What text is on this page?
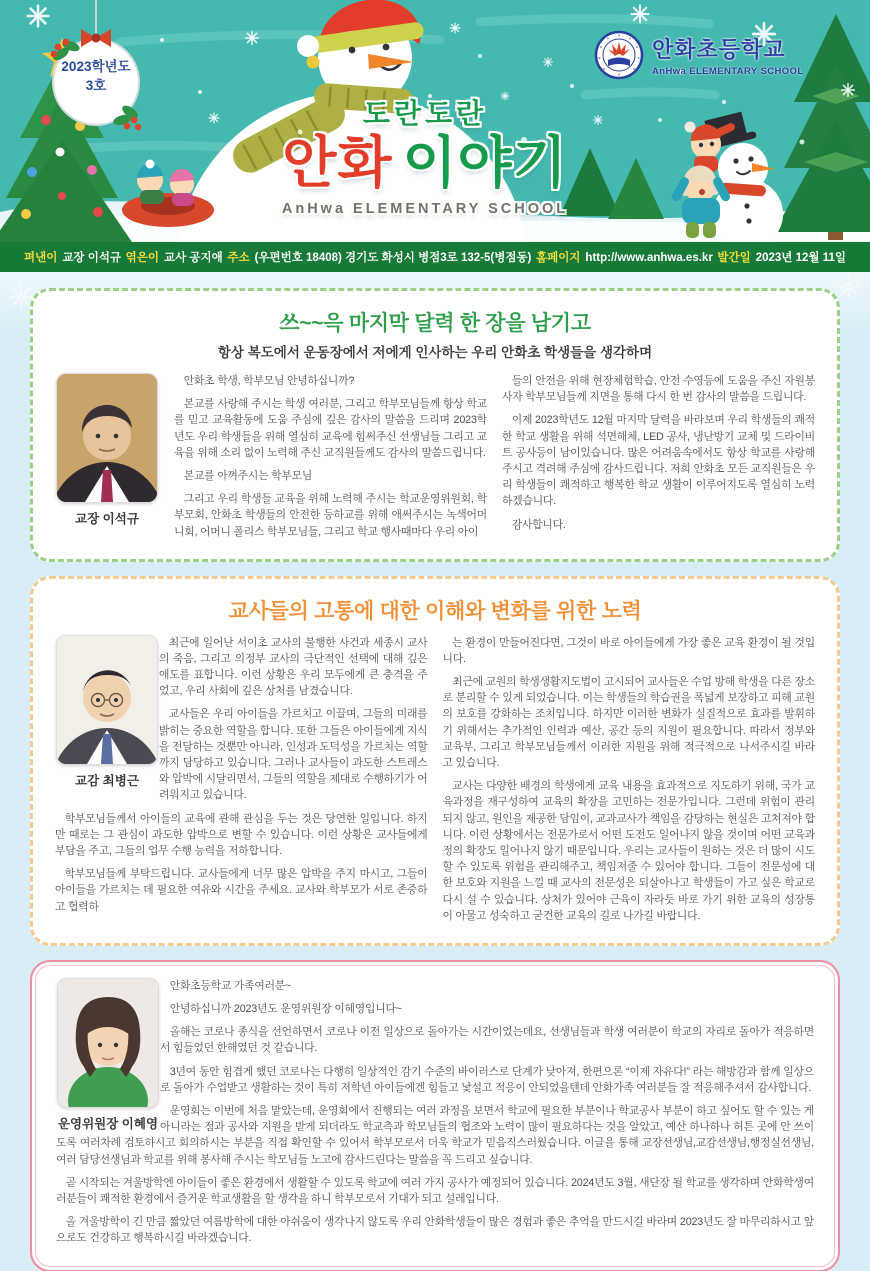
2023학년도
3호
도란도란
안화 이야기
AnHwa ELEMENTARY SCHOOL
안화초등학교
AnHwa ELEMENTARY SCHOOL
펴낸이 교장 이석규 엮은이 교사 공지애 주소 (우편번호 18408) 경기도 화성시 병점3로 132-5(병점동) 홈페이지 http://www.anhwa.es.kr 발간일 2023년 12월 11일
쓰~~윽 마지막 달력 한 장을 남기고
항상 복도에서 운동장에서 저에게 인사하는 우리 안화초 학생들을 생각하며
교장 이석규

안화초 학생, 학부모님 안녕하십니까?

본교를 사랑해 주시는 학생 여러분, 그리고 학부모님들께 항상 학교를 믿고 교육활동에 도움 주심에 깊은 감사의 말씀을 드리며 2023학년도 우리 학생들을 위해 열심히 교육에 힘써주신 선생님들 그리고 교육을 위해 소리 없이 노력해 주신 교직원들께도 감사의 말씀드립니다.

본교를 아껴주시는 학부모님

그리고 우리 학생들 교육을 위해 노력해 주시는 학교운영위원회, 학부모회, 안화초 학생들의 안전한 등하교를 위해 애써주시는 녹색어머니회, 어머니 폴리스 학부모님들, 그리고 학교 행사때마다 우리 아이

들의 안전을 위해 현장체험학습, 안전 수영등에 도움을 주신 자원봉사자 학부모님들께 지면을 통해 다시 한 번 감사의 말씀을 드립니다.

이제 2023학년도 12월 마지막 달력을 바라보며 우리 학생들의 쾌적한 학교 생활을 위해 석면해체, LED 공사, 냉난방기 교체 및 드라이비트 공사등이 남이있습니다. 많은 어려움속에서도 항상 학교를 사랑해 주시고 격려해 주심에 감사드립니다. 저희 안화초 모든 교직원들은 우리 학생들이 쾌적하고 행복한 학교 생활이 이루어지도록 열심히 노력하겠습니다.

감사합니다.

교사들의 고통에 대한 이해와 변화를 위한 노력
교감 최병근

최근에 일어난 서이초 교사의 불행한 사건과 세종시 교사의 죽음, 그리고 의정부 교사의 극단적인 선택에 대해 깊은 애도를 표합니다. 이런 상황은 우리 모두에게 큰 충격을 주었고, 우리 사회에 깊은 상처를 남겼습니다.

교사들은 우리 아이들을 가르치고 이끌며, 그들의 미래를 밝히는 중요한 역할을 합니다. 또한 그들은 아이들에게 지식을 전달하는 것뿐만 아니라, 인성과 도덕성을 가르치는 역할까지 담당하고 있습니다. 그러나 교사들이 과도한 스트레스와 압박에 시달리면서, 그들의 역할을 제대로 수행하기가 어려워지고 있습니다.

학부모님들께서 아이들의 교육에 관해 관심을 두는 것은 당연한 일입니다. 하지만 때로는 그 관심이 과도한 압박으로 변할 수 있습니다. 이런 상황은 교사들에게 부담을 주고, 그들의 업무 수행 능력을 저하합니다.

학부모님들께 부탁드립니다. 교사들에게 너무 많은 압박을 주지 마시고, 그들이 아이들을 가르치는 데 필요한 여유와 시간을 주세요. 교사와 학부모가 서로 존중하고 협력하

는 환경이 만들어진다면, 그것이 바로 아이들에게 가장 좋은 교육 환경이 될 것입니다.

최근에 교원의 학생생활지도법이 고시되어 교사들은 수업 방해 학생을 다른 장소로 분리할 수 있게 되었습니다. 이는 학생들의 학습권을 폭넓게 보장하고 피해 교원의 보호를 강화하는 조치입니다. 하지만 이러한 변화가 실질적으로 효과를 발휘하기 위해서는 추가적인 인력과 예산, 공간 등의 지원이 필요합니다. 따라서 정부와 교육부, 그리고 학부모님들께서 이러한 지원을 위해 적극적으로 나서주시길 바라고 있습니다.

교사는 다양한 배경의 학생에게 교육 내용을 효과적으로 지도하기 위해, 국가 교육과정을 재구성하여 교육의 확장을 고민하는 전문가입니다. 그런데 위험이 관리되지 않고, 원인을 제공한 담임이, 교과교사가 책임을 감당하는 현실은 고쳐져야 합니다. 이런 상황에서는 전문가로서 어떤 도전도 일어나지 않을 것이며 어떤 교육과정의 확장도 일어나지 않기 때문입니다. 우리는 교사들이 원하는 것은 더 많이 시도할 수 있도록 위험을 관리해주고, 책임져줄 수 있어야 합니다. 그들이 전문성에 대한 보호와 지원을 느낄 때 교사의 전문성은 되살아나고 학생들이 가고 싶은 학교로 다시 설 수 있습니다. 상처가 있어야 근육이 자라듯 바로 가기 위한 교육의 성장통이 아물고 성숙하고 굳건한 교육의 길로 나가길 바랍니다.

운영위원장 이혜영

안화초등학교 가족여러분~

안녕하십니까 2023년도 운영위원장 이혜영입니다~

올해는 코로나 종식을 선언하면서 코로나 이전 일상으로 돌아가는 시간이었는데요, 선생님들과 학생 여러분이 학교의 자리로 돌아가 적응하면서 힘들었던 한해였던 것 같습니다.

3년여 동안 힘겹게 했던 코로나는 다행히 일상적인 감기 수준의 바이러스로 단계가 낮아져, 한편으론 “이제 자유다!” 라는 해방감과 함께 일상으로 돌아가 수업받고 생활하는 것이 특히 저학년 아이들에겐 힘들고 낯설고 적응이 안되었을텐데 안화가족 여러분들 잘 적응해주셔서 감사합니다.

운영회는 이번에 처음 맡았는데, 운영회에서 진행되는 여러 과정을 보면서 학교에 필요한 부분이나 학교공사 부분이 하고 싶어도 할 수 있는 게 아니라는 점과 공사와 지원을 받게 되더라도 학교측과 학모님들의 협조와 노력이 많이 필요하다는 것을 알았고, 예산 하나하나 허튼 곳에 안 쓰이도록 여러차례 검토하시고 회의하시는 부분을 직접 확인할 수 있어서 학부모로서 더욱 학교가 믿음직스러웠습니다. 이글을 통해 교장선생님,교감선생님,행정실선생님,여러 담당선생님과 학교를 위해 봉사해 주시는 학모님들 노고에 감사드린다는 말씀을 꼭 드리고 싶습니다.

곧 시작되는 겨울방학엔 아이들이 좋은 환경에서 생활할 수 있도록 학교에 여러 가지 공사가 예정되어 있습니다. 2024년도 3월, 새단장 될 학교를 생각하며 안화학생여러분들이 쾌적한 환경에서 즐거운 학교생활을 할 생각을 하니 학부모로서 기대가 되고 설레입니다.

올 겨울방학이 긴 만큼 짧았던 여름방학에 대한 아쉬움이 생각나지 않도록 우리 안화학생들이 많은 경험과 좋은 추억을 만드시길 바라며 2023년도 잘 마무리하시고 앞으로도 건강하고 행복하시길 바라겠습니다.
